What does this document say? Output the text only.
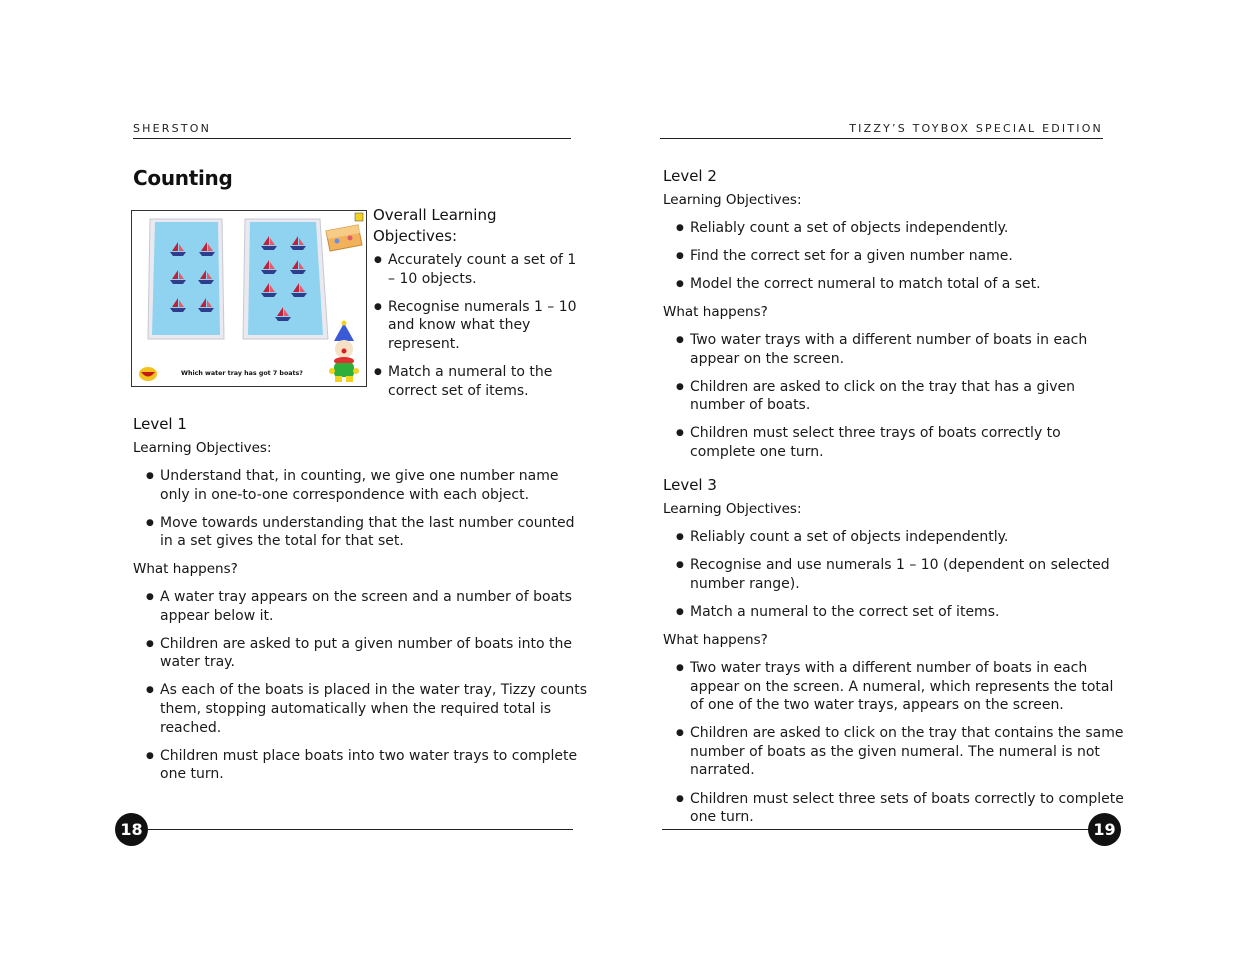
SHERSTON
Counting
Which water tray has got 7 boats?

Overall Learning
Objectives:

● Accurately count a set of 1 – 10 objects.
● Recognise numerals 1 – 10 and know what they represent.
● Match a numeral to the correct set of items.

Level 1

Learning Objectives:

● Understand that, in counting, we give one number name only in one-to-one correspondence with each object.
● Move towards understanding that the last number counted in a set gives the total for that set.

What happens?

● A water tray appears on the screen and a number of boats appear below it.
● Children are asked to put a given number of boats into the water tray.
● As each of the boats is placed in the water tray, Tizzy counts them, stopping automatically when the required total is reached.
● Children must place boats into two water trays to complete one turn.
18
TIZZY’S TOYBOX SPECIAL EDITION

Level 2

Learning Objectives:

● Reliably count a set of objects independently.
● Find the correct set for a given number name.
● Model the correct numeral to match total of a set.

What happens?

● Two water trays with a different number of boats in each appear on the screen.
● Children are asked to click on the tray that has a given number of boats.
● Children must select three trays of boats correctly to complete one turn.

Level 3

Learning Objectives:

● Reliably count a set of objects independently.
● Recognise and use numerals 1 – 10 (dependent on selected number range).
● Match a numeral to the correct set of items.

What happens?

● Two water trays with a different number of boats in each appear on the screen. A numeral, which represents the total of one of the two water trays, appears on the screen.
● Children are asked to click on the tray that contains the same number of boats as the given numeral. The numeral is not narrated.
● Children must select three sets of boats correctly to complete one turn.
19
